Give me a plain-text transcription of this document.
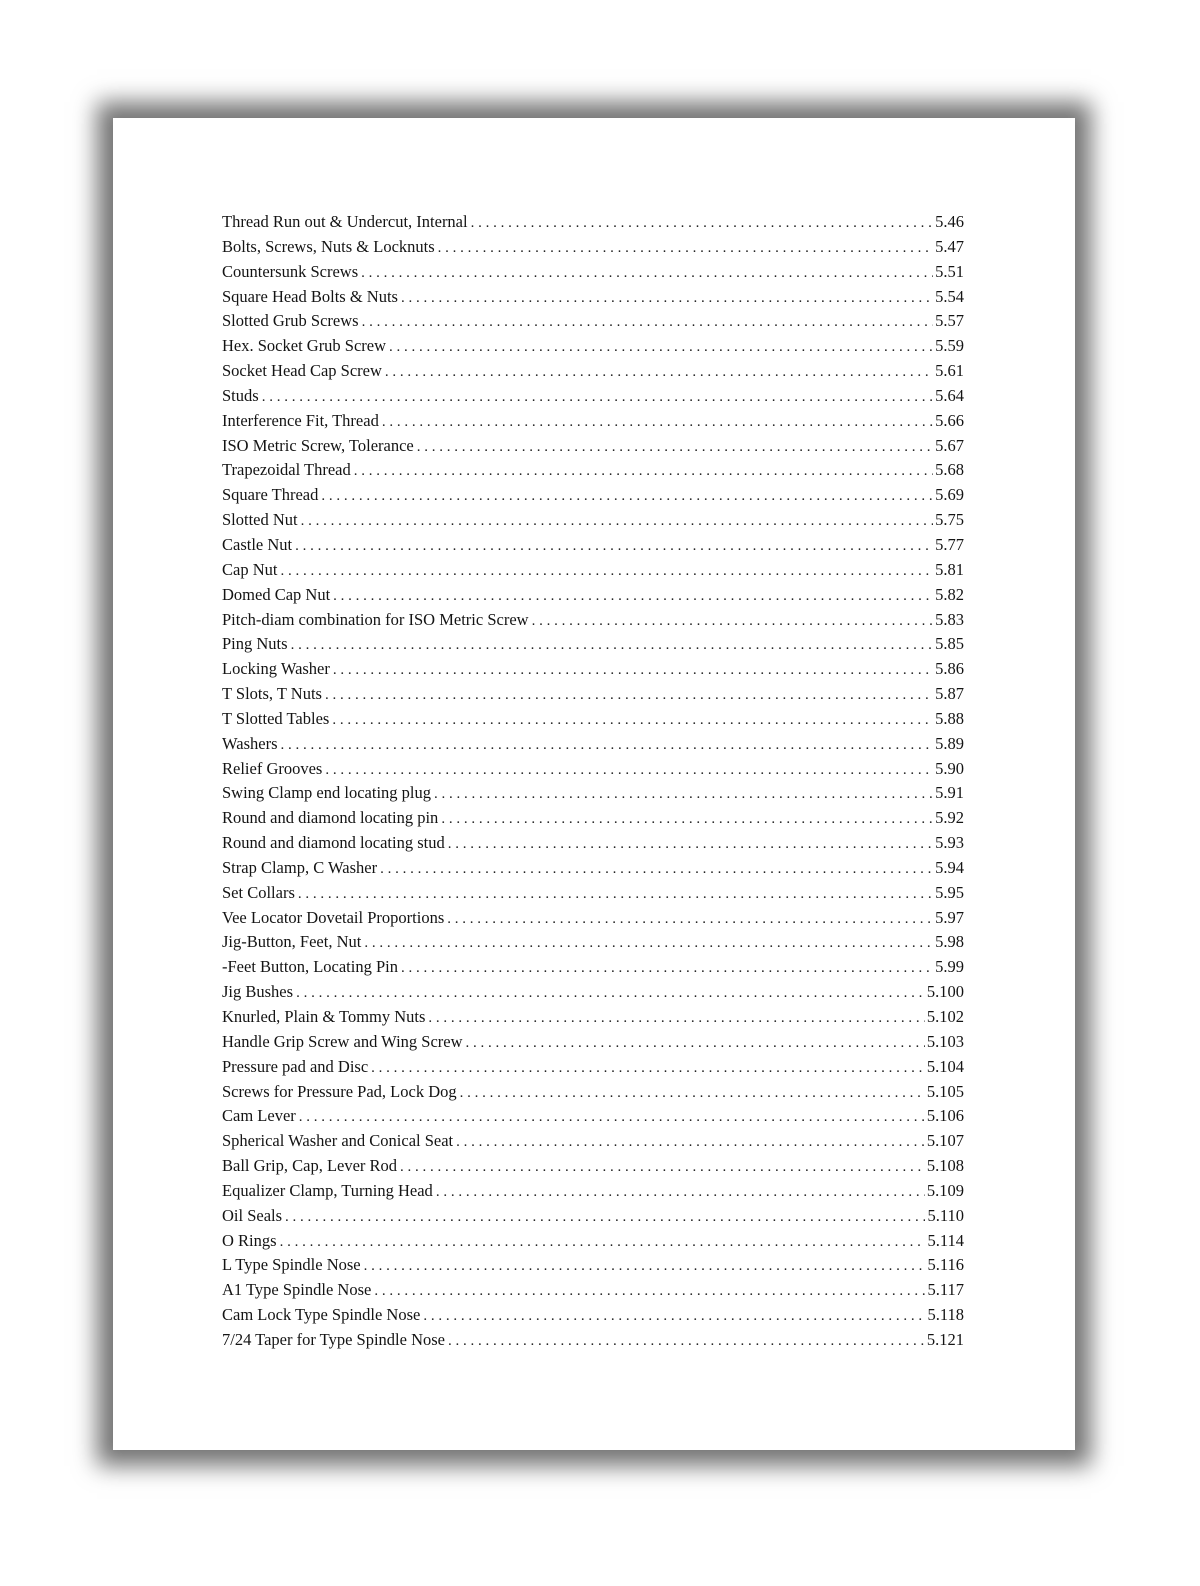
Thread Run out & Undercut, Internal . . .	5.46
Bolts, Screws, Nuts & Locknuts . . .	5.47
Countersunk Screws . . .	5.51
Square Head Bolts & Nuts . . .	5.54
Slotted Grub Screws . . .	5.57
Hex. Socket Grub Screw . . .	5.59
Socket Head Cap Screw . . .	5.61
Studs . . .	5.64
Interference Fit, Thread . . .	5.66
ISO Metric Screw, Tolerance . . .	5.67
Trapezoidal Thread . . .	5.68
Square Thread . . .	5.69
Slotted Nut . . .	5.75
Castle Nut . . .	5.77
Cap Nut . . .	5.81
Domed Cap Nut . . .	5.82
Pitch-diam combination for ISO Metric Screw . . .	5.83
Ping Nuts . . .	5.85
Locking Washer . . .	5.86
T Slots, T Nuts . . .	5.87
T Slotted Tables . . .	5.88
Washers . . .	5.89
Relief Grooves . . .	5.90
Swing Clamp end locating plug . . .	5.91
Round and diamond locating pin . . .	5.92
Round and diamond locating stud . . .	5.93
Strap Clamp, C Washer . . .	5.94
Set Collars . . .	5.95
Vee Locator Dovetail Proportions . . .	5.97
Jig-Button, Feet, Nut . . .	5.98
-Feet Button, Locating Pin . . .	5.99
Jig Bushes . . .	5.100
Knurled, Plain & Tommy Nuts . . .	5.102
Handle Grip Screw and Wing Screw . . .	5.103
Pressure pad and Disc . . .	5.104
Screws for Pressure Pad, Lock Dog . . .	5.105
Cam Lever . . .	5.106
Spherical Washer and Conical Seat . . .	5.107
Ball Grip, Cap, Lever Rod . . .	5.108
Equalizer Clamp, Turning Head . . .	5.109
Oil Seals . . .	5.110
O Rings . . .	5.114
L Type Spindle Nose . . .	5.116
A1 Type Spindle Nose . . .	5.117
Cam Lock Type Spindle Nose . . .	5.118
7/24 Taper for Type Spindle Nose . . .	5.121
